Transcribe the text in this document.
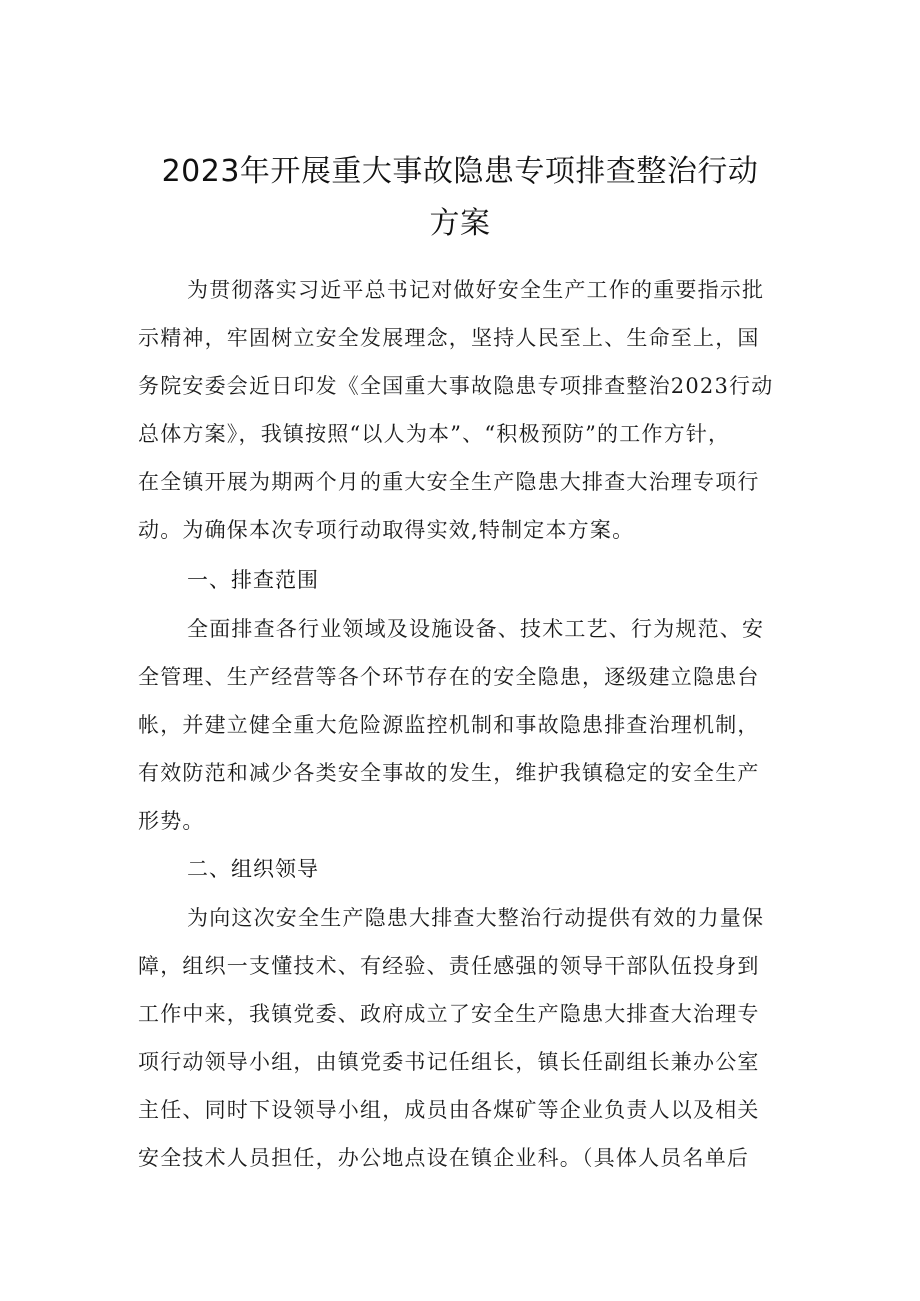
2023年开展重大事故隐患专项排查整治行动
方案
为贯彻落实习近平总书记对做好安全生产工作的重要指示批
示精神，牢固树立安全发展理念，坚持人民至上、生命至上，国
务院安委会近日印发《全国重大事故隐患专项排查整治2023行动
总体方案》，我镇按照“以人为本”、“积极预防”的工作方针，
在全镇开展为期两个月的重大安全生产隐患大排查大治理专项行
动。为确保本次专项行动取得实效,特制定本方案。
一、排查范围
全面排查各行业领域及设施设备、技术工艺、行为规范、安
全管理、生产经营等各个环节存在的安全隐患，逐级建立隐患台
帐，并建立健全重大危险源监控机制和事故隐患排查治理机制，
有效防范和减少各类安全事故的发生，维护我镇稳定的安全生产
形势。
二、组织领导
为向这次安全生产隐患大排查大整治行动提供有效的力量保
障，组织一支懂技术、有经验、责任感强的领导干部队伍投身到
工作中来，我镇党委、政府成立了安全生产隐患大排查大治理专
项行动领导小组，由镇党委书记任组长，镇长任副组长兼办公室
主任、同时下设领导小组，成员由各煤矿等企业负责人以及相关
安全技术人员担任，办公地点设在镇企业科。（具体人员名单后
